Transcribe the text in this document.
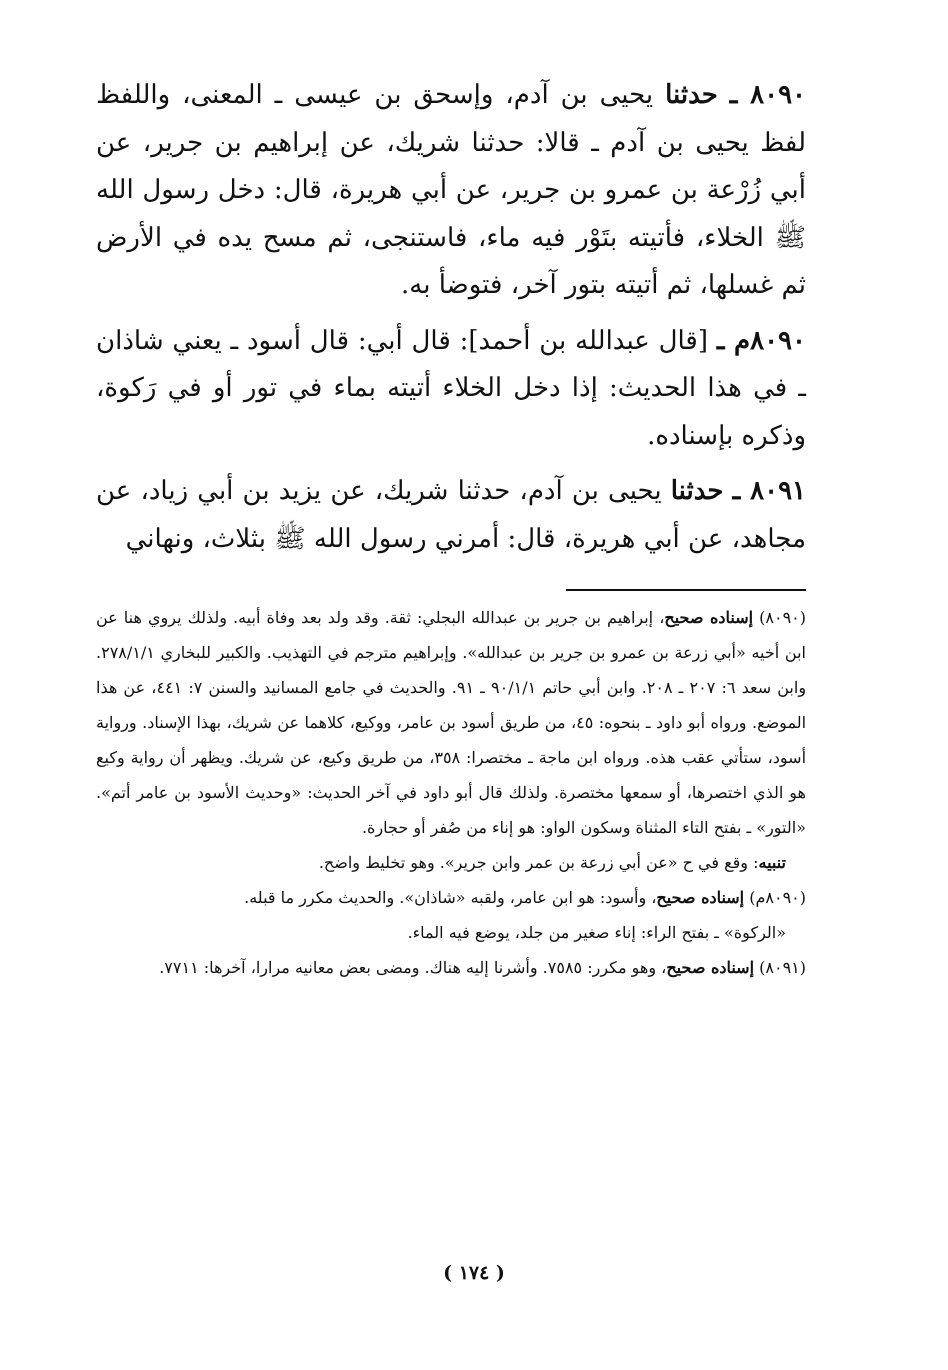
٨٠٩٠ ـ حدثنا يحيى بن آدم، وإسحق بن عيسى ـ المعنى، واللفظ لفظ يحيى بن آدم ـ قالا: حدثنا شريك، عن إبراهيم بن جرير، عن أبي زُرْعة بن عمرو بن جرير، عن أبي هريرة، قال: دخل رسول الله ﷺ الخلاء، فأتيته بتَوْر فيه ماء، فاستنجى، ثم مسح يده في الأرض ثم غسلها، ثم أتيته بتور آخر، فتوضأ به.

٨٠٩٠م ـ [قال عبدالله بن أحمد]: قال أبي: قال أسود ـ يعني شاذان ـ في هذا الحديث: إذا دخل الخلاء أتيته بماء في تور أو في رَكوة، وذكره بإسناده.

٨٠٩١ ـ حدثنا يحيى بن آدم، حدثنا شريك، عن يزيد بن أبي زياد، عن مجاهد، عن أبي هريرة، قال: أمرني رسول الله ﷺ بثلاث، ونهاني

(٨٠٩٠) إسناده صحيح، إبراهيم بن جرير بن عبدالله البجلي: ثقة. وقد ولد بعد وفاة أبيه. ولذلك يروي هنا عن ابن أخيه «أبي زرعة بن عمرو بن جرير بن عبدالله». وإبراهيم مترجم في التهذيب. والكبير للبخاري ٢٧٨/١/١. وابن سعد ٦: ٢٠٧ ـ ٢٠٨. وابن أبي حاتم ٩٠/١/١ ـ ٩١. والحديث في جامع المسانيد والسنن ٧: ٤٤١، عن هذا الموضع. ورواه أبو داود ـ بنحوه: ٤٥، من طريق أسود بن عامر، ووكيع، كلاهما عن شريك، بهذا الإسناد. ورواية أسود، ستأتي عقب هذه. ورواه ابن ماجة ـ مختصرا: ٣٥٨، من طريق وكيع، عن شريك. ويظهر أن رواية وكيع هو الذي اختصرها، أو سمعها مختصرة. ولذلك قال أبو داود في آخر الحديث: «وحديث الأسود بن عامر أتم». «التور» ـ بفتح التاء المثناة وسكون الواو: هو إناء من صُفر أو حجارة.

تنبيه: وقع في ح «عن أبي زرعة بن عمر وابن جرير». وهو تخليط واضح.

(٨٠٩٠م) إسناده صحيح، وأسود: هو ابن عامر، ولقبه «شاذان». والحديث مكرر ما قبله.

«الركوة» ـ بفتح الراء: إناء صغير من جلد، يوضع فيه الماء.

(٨٠٩١) إسناده صحيح، وهو مكرر: ٧٥٨٥. وأشرنا إليه هناك. ومضى بعض معانيه مرارا، آخرها: ٧٧١١.

( ١٧٤ )
